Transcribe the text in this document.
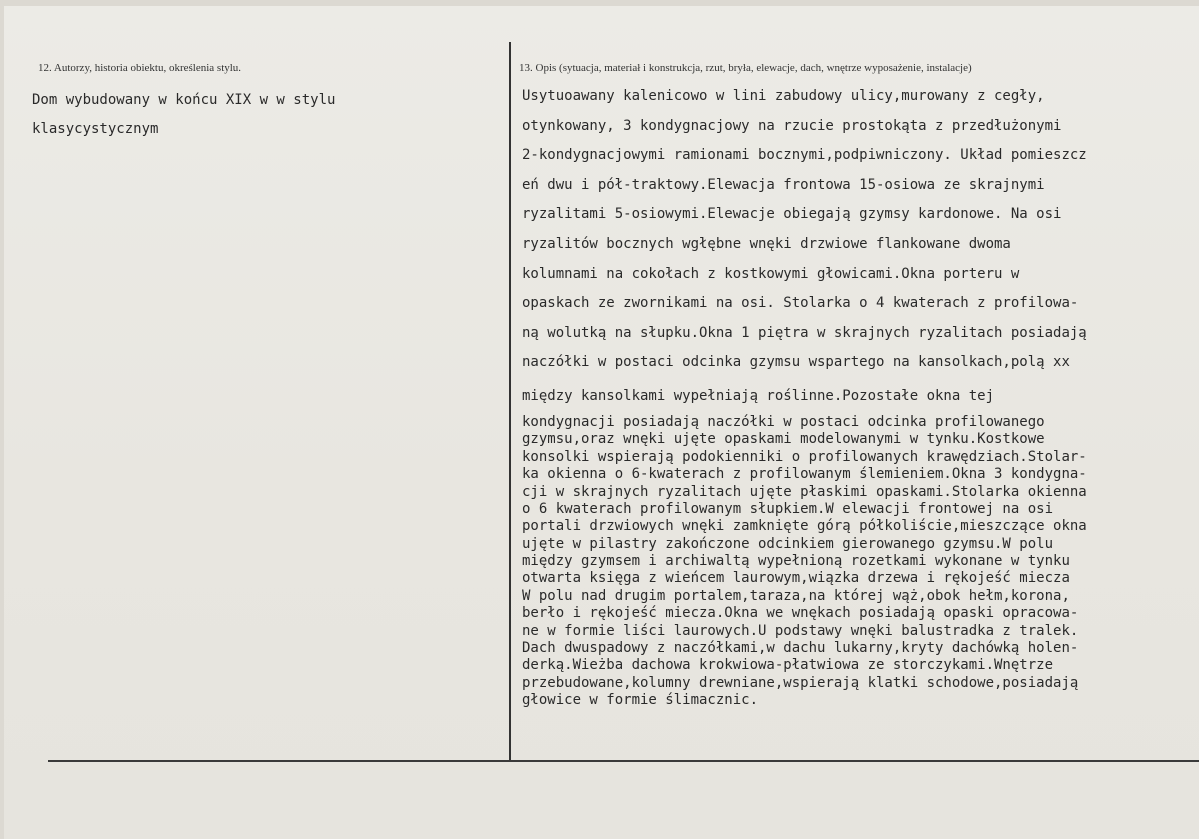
12. Autorzy, historia obiektu, określenia stylu.	13. Opis (sytuacja, materiał i konstrukcja, rzut, bryła, elewacje, dach, wnętrze wyposażenie, instalacje)
Dom wybudowany w końcu XIX w w stylu
klasycystycznym
Usytuoawany kalenicowo w lini zabudowy ulicy,murowany z cegły,
otynkowany, 3 kondygnacjowy na rzucie prostokąta z przedłużonymi
2-kondygnacjowymi ramionami bocznymi,podpiwniczony. Układ pomieszcz
eń dwu i pół-traktowy.Elewacja frontowa 15-osiowa ze skrajnymi
ryzalitami 5-osiowymi.Elewacje obiegają gzymsy kardonowe. Na osi
ryzalitów bocznych wgłębne wnęki drzwiowe flankowane dwoma
kolumnami na cokołach z kostkowymi głowicami.Okna porteru w
opaskach ze zwornikami na osi. Stolarka o 4 kwaterach z profilowa-
ną wolutką na słupku.Okna 1 piętra w skrajnych ryzalitach posiadają
naczółki w postaci odcinka gzymsu wspartego na kansolkach,polą xx
między kansolkami wypełniają roślinne.Pozostałe okna tej
kondygnacji posiadają naczółki w postaci odcinka profilowanego
gzymsu,oraz wnęki ujęte opaskami modelowanymi w tynku.Kostkowe
konsolki wspierają podokienniki o profilowanych krawędziach.Stolar-
ka okienna o 6-kwaterach z profilowanym ślemieniem.Okna 3 kondygna-
cji w skrajnych ryzalitach ujęte płaskimi opaskami.Stolarka okienna
o 6 kwaterach profilowanym słupkiem.W elewacji frontowej na osi
portali drzwiowych wnęki zamknięte górą półkoliście,mieszczące okna
ujęte w pilastry zakończone odcinkiem gierowanego gzymsu.W polu
między gzymsem i archiwaltą wypełnioną rozetkami wykonane w tynku
otwarta księga z wieńcem laurowym,wiązka drzewa i rękojeść miecza
W polu nad drugim portalem,taraza,na której wąż,obok hełm,korona,
berło i rękojeść miecza.Okna we wnękach posiadają opaski opracowa-
ne w formie liści laurowych.U podstawy wnęki balustradka z tralek.
Dach dwuspadowy z naczółkami,w dachu lukarny,kryty dachówką holen-
derką.Wieżba dachowa krokwiowa-płatwiowa ze storczykami.Wnętrze
przebudowane,kolumny drewniane,wspierają klatki schodowe,posiadają
głowice w formie ślimacznic.
